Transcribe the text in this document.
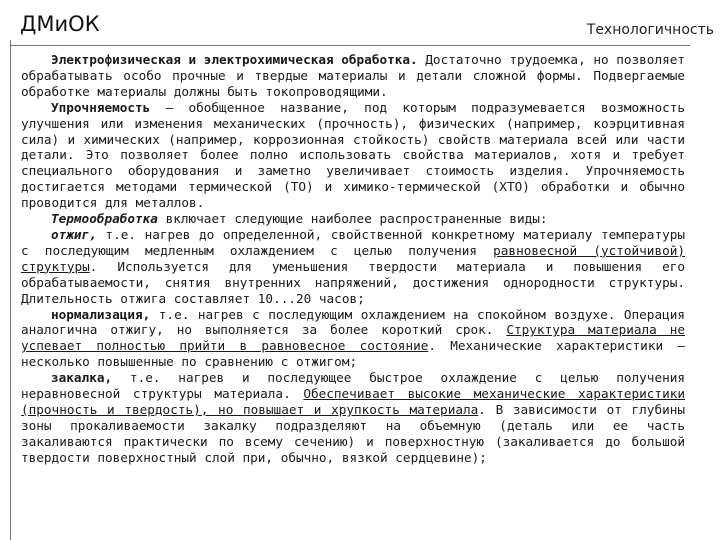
ДМиОК	Технологичность

Электрофизическая и электрохимическая обработка. Достаточно трудоемка, но позволяет обрабатывать особо прочные и твердые материалы и детали сложной формы. Подвергаемые обработке материалы должны быть токопроводящими.

Упрочняемость – обобщенное название, под которым подразумевается возможность улучшения или изменения механических (прочность), физических (например, коэрцитивная сила) и химических (например, коррозионная стойкость) свойств материала всей или части детали. Это позволяет более полно использовать свойства материалов, хотя и требует специального оборудования и заметно увеличивает стоимость изделия. Упрочняемость достигается методами термической (ТО) и химико-термической (ХТО) обработки и обычно проводится для металлов.

Термообработка включает следующие наиболее распространенные виды:

отжиг, т.е. нагрев до определенной, свойственной конкретному материалу температуры с последующим медленным охлаждением с целью получения равновесной (устойчивой) структуры. Используется для уменьшения твердости материала и повышения его обрабатываемости, снятия внутренних напряжений, достижения однородности структуры. Длительность отжига составляет 10...20 часов;

нормализация, т.е. нагрев с последующим охлаждением на спокойном воздухе. Операция аналогична отжигу, но выполняется за более короткий срок. Структура материала не успевает полностью прийти в равновесное состояние. Механические характеристики – несколько повышенные по сравнению с отжигом;

закалка, т.е. нагрев и последующее быстрое охлаждение с целью получения неравновесной структуры материала. Обеспечивает высокие механические характеристики (прочность и твердость), но повышает и хрупкость материала. В зависимости от глубины зоны прокаливаемости закалку подразделяют на объемную (деталь или ее часть закаливаются практически по всему сечению) и поверхностную (закаливается до большой твердости поверхностный слой при, обычно, вязкой сердцевине);
